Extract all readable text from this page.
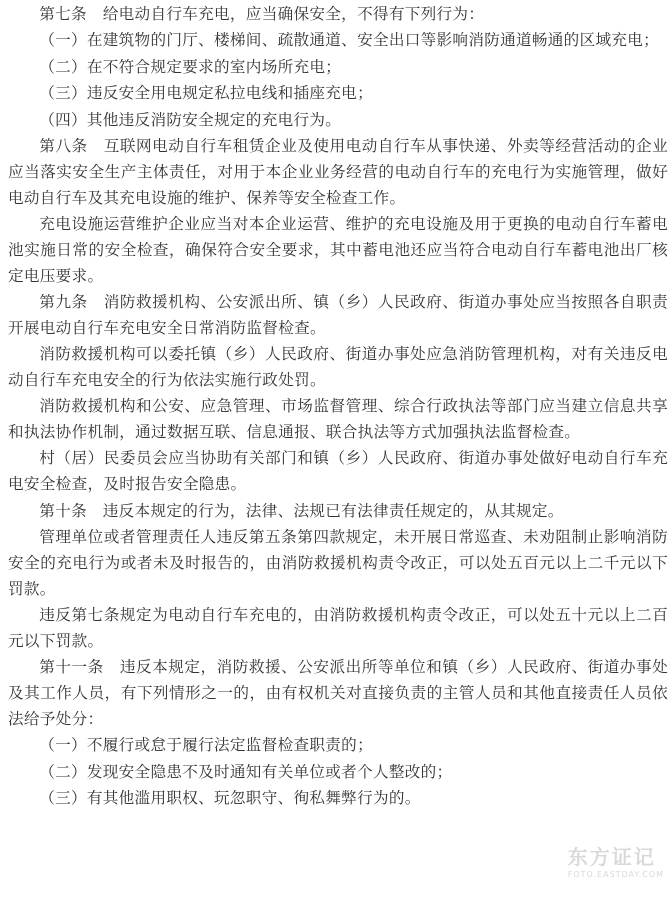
第七条　给电动自行车充电，应当确保安全，不得有下列行为：

（一）在建筑物的门厅、楼梯间、疏散通道、安全出口等影响消防通道畅通的区域充电；

（二）在不符合规定要求的室内场所充电；

（三）违反安全用电规定私拉电线和插座充电；

（四）其他违反消防安全规定的充电行为。

第八条　互联网电动自行车租赁企业及使用电动自行车从事快递、外卖等经营活动的企业应当落实安全生产主体责任，对用于本企业业务经营的电动自行车的充电行为实施管理，做好电动自行车及其充电设施的维护、保养等安全检查工作。

充电设施运营维护企业应当对本企业运营、维护的充电设施及用于更换的电动自行车蓄电池实施日常的安全检查，确保符合安全要求，其中蓄电池还应当符合电动自行车蓄电池出厂核定电压要求。

第九条　消防救援机构、公安派出所、镇（乡）人民政府、街道办事处应当按照各自职责开展电动自行车充电安全日常消防监督检查。

消防救援机构可以委托镇（乡）人民政府、街道办事处应急消防管理机构，对有关违反电动自行车充电安全的行为依法实施行政处罚。

消防救援机构和公安、应急管理、市场监督管理、综合行政执法等部门应当建立信息共享和执法协作机制，通过数据互联、信息通报、联合执法等方式加强执法监督检查。

村（居）民委员会应当协助有关部门和镇（乡）人民政府、街道办事处做好电动自行车充电安全检查，及时报告安全隐患。

第十条　违反本规定的行为，法律、法规已有法律责任规定的，从其规定。

管理单位或者管理责任人违反第五条第四款规定，未开展日常巡查、未劝阻制止影响消防安全的充电行为或者未及时报告的，由消防救援机构责令改正，可以处五百元以上二千元以下罚款。

违反第七条规定为电动自行车充电的，由消防救援机构责令改正，可以处五十元以上二百元以下罚款。

第十一条　违反本规定，消防救援、公安派出所等单位和镇（乡）人民政府、街道办事处及其工作人员，有下列情形之一的，由有权机关对直接负责的主管人员和其他直接责任人员依法给予处分：

（一）不履行或怠于履行法定监督检查职责的；

（二）发现安全隐患不及时通知有关单位或者个人整改的；

（三）有其他滥用职权、玩忽职守、徇私舞弊行为的。

东方证记
FOTO.EASTDAY.COM
